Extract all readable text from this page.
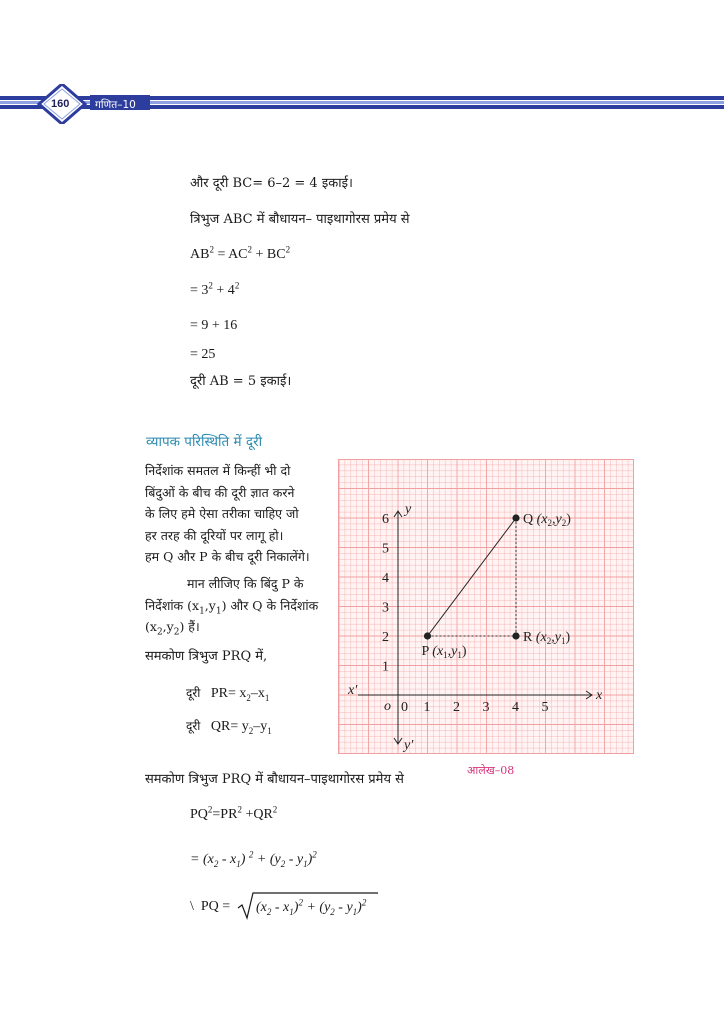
160 गणित–10
और दूरी BC= 6–2 = 4 इकाई।
त्रिभुज ABC में बौधायन– पाइथागोरस प्रमेय से
$AB^2 = AC^2 + BC^2$
= $3^2 + 4^2$
= 9 + 16
= 25
दूरी AB = 5 इकाई।
व्यापक परिस्थिति में दूरी
निर्देशांक समतल में किन्हीं भी दो
बिंदुओं के बीच की दूरी ज्ञात करने
के लिए हमे ऐसा तरीका चाहिए जो
हर तरह की दूरियों पर लागू हो।
हम Q और P के बीच दूरी निकालेंगे।
मान लीजिए कि बिंदु P के
निर्देशांक $(x_1,y_1)$ और Q के निर्देशांक
$(x_2,y_2)$ हैं।
समकोण त्रिभुज PRQ में,
दूरी $PR= x_2-x_1$
दूरी $QR= y_2-y_1$
x
y
x′
y′
o 0 1 2 3 4 5
1
2
3
4
5
6
P $(x_1,y_1)$
Q $(x_2,y_2)$
R $(x_2,y_1)$
आलेख–08
समकोण त्रिभुज PRQ में बौधायन–पाइथागोरस प्रमेय से
$PQ^2=PR^2 +QR^2$
= $(x_2 - x_1) ^2 + (y_2 - y_1)^2$
\ PQ = $(x_2 - x_1)^2 + (y_2 - y_1)^2$
